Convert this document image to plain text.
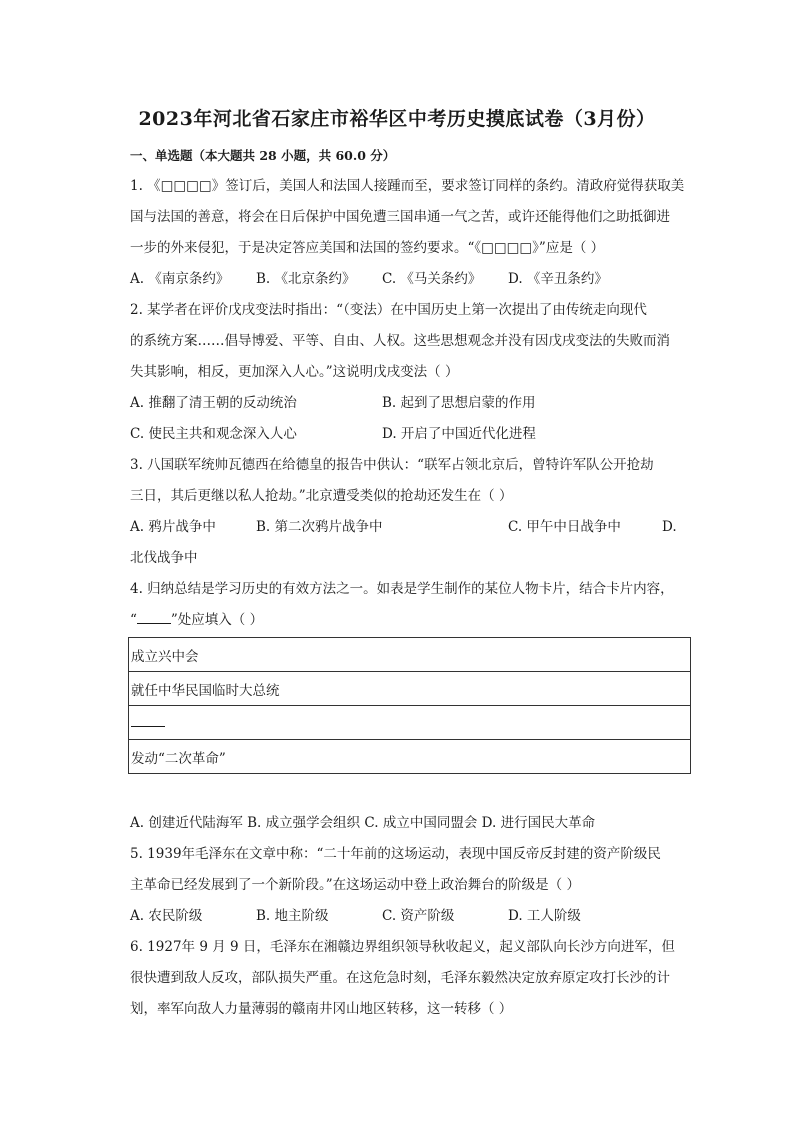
2023年河北省石家庄市裕华区中考历史摸底试卷（3月份）
一、单选题（本大题共 28 小题，共 60.0 分）
1. 《□□□□》签订后，美国人和法国人接踵而至，要求签订同样的条约。清政府觉得获取美
国与法国的善意，将会在日后保护中国免遭三国串通一气之苦，或许还能得他们之助抵御进
一步的外来侵犯，于是决定答应美国和法国的签约要求。“《□□□□》”应是（ ）
A. 《南京条约》 B. 《北京条约》 C. 《马关条约》 D. 《辛丑条约》
2. 某学者在评价戊戌变法时指出：“（变法）在中国历史上第一次提出了由传统走向现代
的系统方案……倡导博爱、平等、自由、人权。这些思想观念并没有因戊戌变法的失败而消
失其影响，相反，更加深入人心。”这说明戊戌变法（ ）
A. 推翻了清王朝的反动统治	B. 起到了思想启蒙的作用
C. 使民主共和观念深入人心	D. 开启了中国近代化进程
3. 八国联军统帅瓦德西在给德皇的报告中供认：“联军占领北京后，曾特许军队公开抢劫
三日，其后更继以私人抢劫。”北京遭受类似的抢劫还发生在（ ）
A. 鸦片战争中	B. 第二次鸦片战争中	C. 甲午中日战争中	D.
北伐战争中
4. 归纳总结是学习历史的有效方法之一。如表是学生制作的某位人物卡片，结合卡片内容，
“	”处应填入（ ）
成立兴中会
就任中华民国临时大总统

发动“二次革命”
A. 创建近代陆海军 B. 成立强学会组织 C. 成立中国同盟会 D. 进行国民大革命
5. 1939年毛泽东在文章中称：“二十年前的这场运动，表现中国反帝反封建的资产阶级民
主革命已经发展到了一个新阶段。”在这场运动中登上政治舞台的阶级是（ ）
A. 农民阶级	B. 地主阶级	C. 资产阶级	D. 工人阶级
6. 1927年 9 月 9 日，毛泽东在湘赣边界组织领导秋收起义，起义部队向长沙方向进军，但
很快遭到敌人反攻，部队损失严重。在这危急时刻，毛泽东毅然决定放弃原定攻打长沙的计
划，率军向敌人力量薄弱的赣南井冈山地区转移，这一转移（ ）
